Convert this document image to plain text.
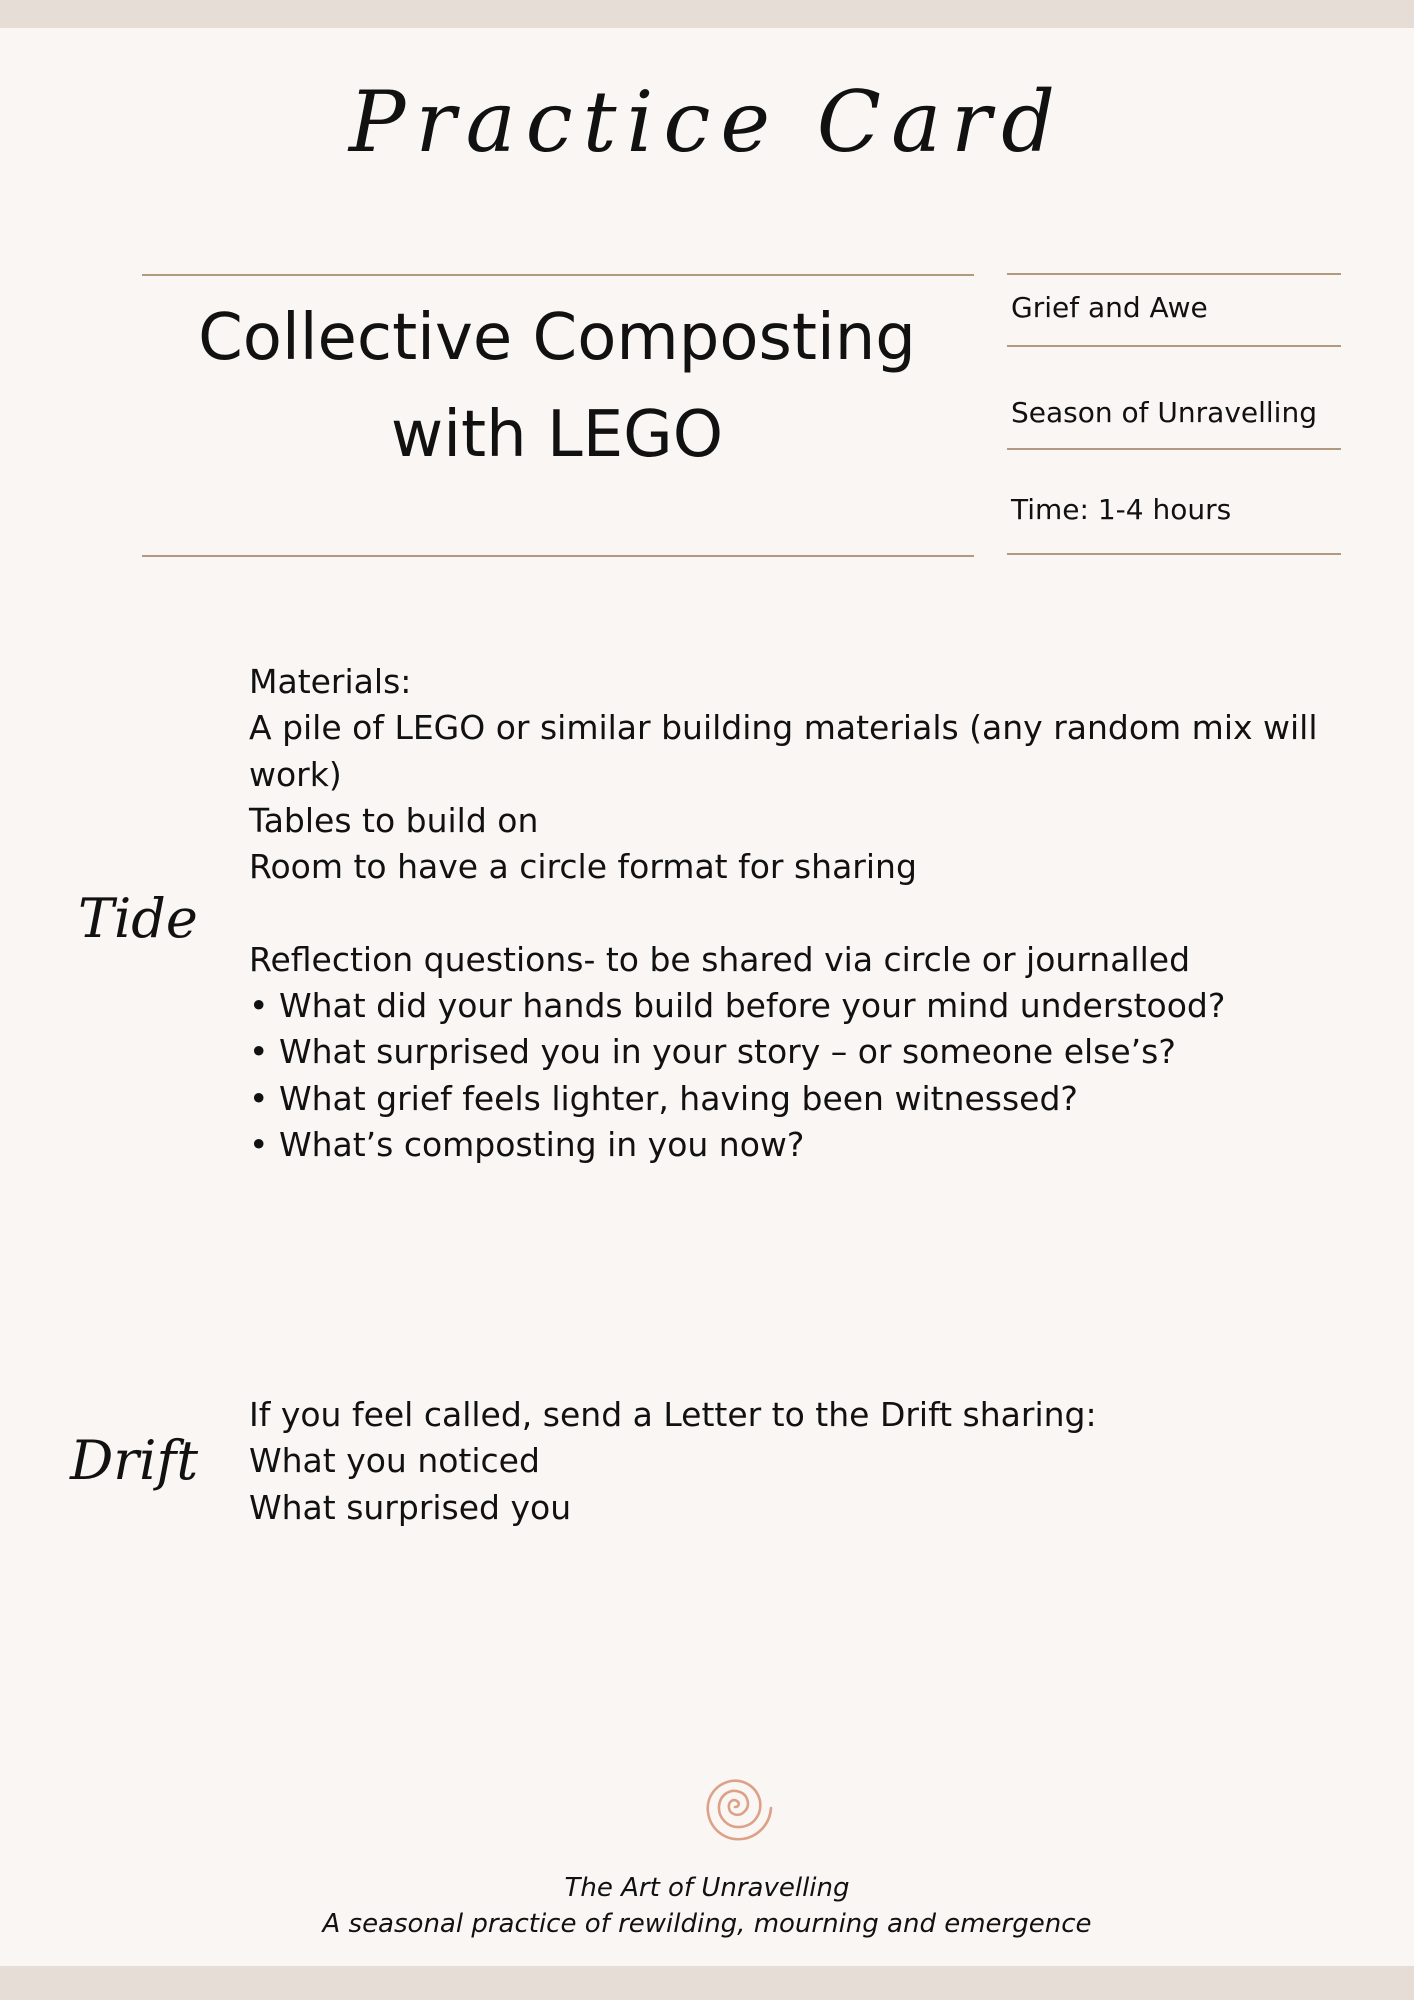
Practice Card
Collective Composting
with LEGO
Grief and Awe
Season of Unravelling
Time: 1-4 hours
Tide
Materials:
A pile of LEGO or similar building materials (any random mix will
work)
Tables to build on
Room to have a circle format for sharing
Reflection questions- to be shared via circle or journalled
• What did your hands build before your mind understood?
• What surprised you in your story – or someone else’s?
• What grief feels lighter, having been witnessed?
• What’s composting in you now?
Drift
If you feel called, send a Letter to the Drift sharing:
What you noticed
What surprised you
The Art of Unravelling
A seasonal practice of rewilding, mourning and emergence
